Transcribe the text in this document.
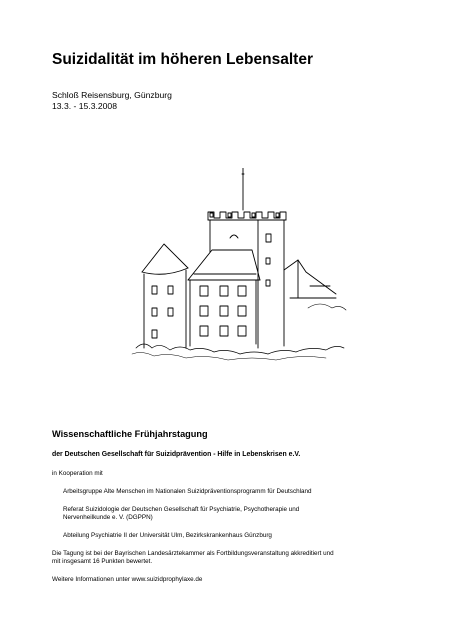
Suizidalität im höheren Lebensalter
Schloß Reisensburg, Günzburg
13.3. - 15.3.2008
Wissenschaftliche Frühjahrstagung
der Deutschen Gesellschaft für Suizidprävention - Hilfe in Lebenskrisen e.V.
in Kooperation mit
Arbeitsgruppe Alte Menschen im Nationalen Suizidpräventionsprogramm für Deutschland
Referat Suizidologie der Deutschen Gesellschaft für Psychiatrie, Psychotherapie und
Nervenheilkunde e. V. (DGPPN)
Abteilung Psychiatrie II der Universität Ulm, Bezirkskrankenhaus Günzburg
Die Tagung ist bei der Bayrischen Landesärztekammer als Fortbildungsveranstaltung akkreditiert und
mit insgesamt 16 Punkten bewertet.
Weitere Informationen unter www.suizidprophylaxe.de
